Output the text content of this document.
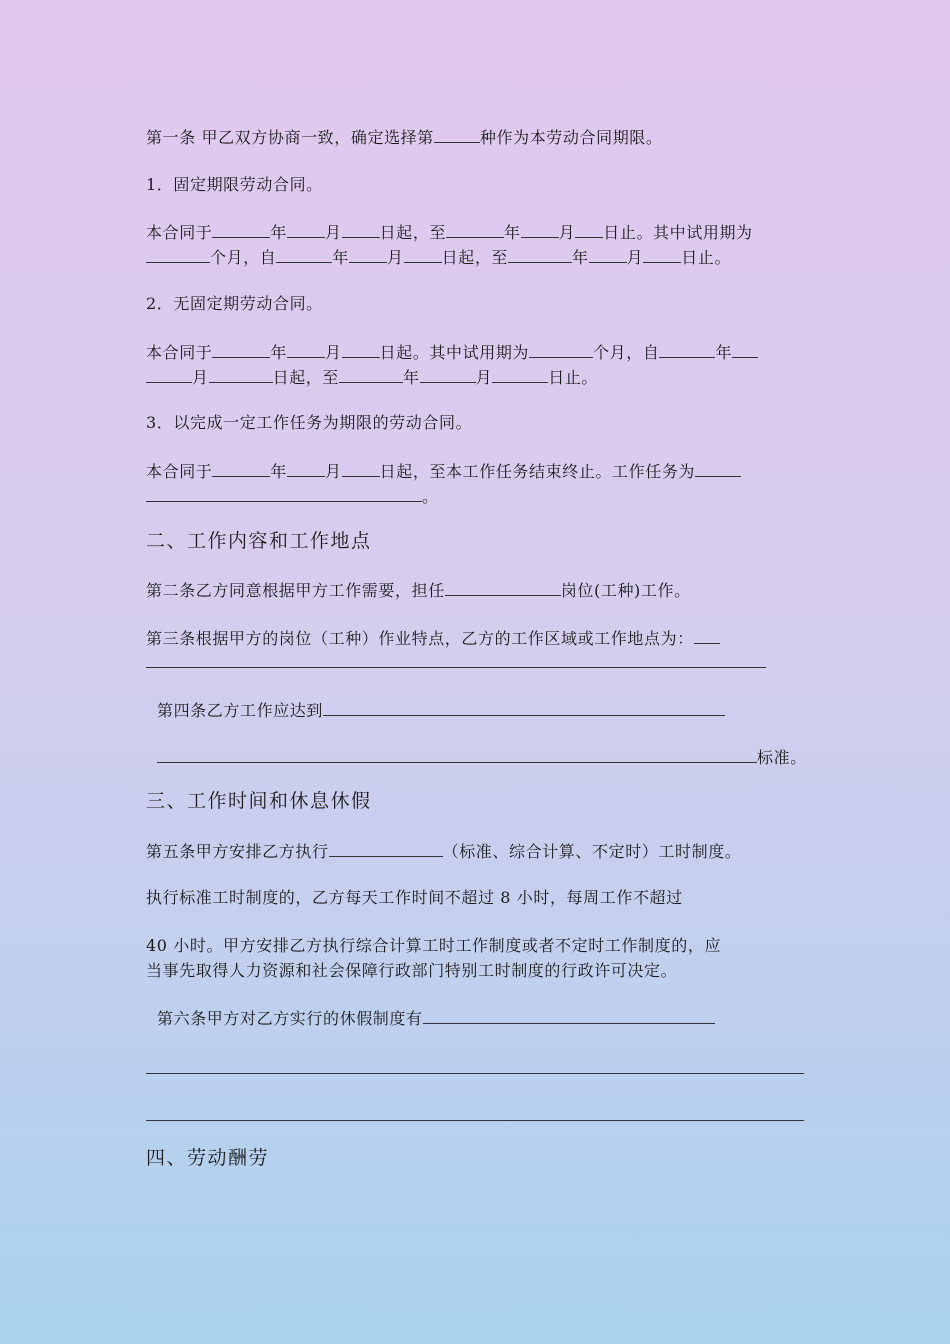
第一条 甲乙双方协商一致，确定选择第	种作为本劳动合同期限。
1．固定期限劳动合同。
本合同于	年 月 日起，至	年 月 日止。其中试用期为
个月，自	年 月 日起，至	年 月 日止。
2．无固定期劳动合同。
本合同于	年 月 日起。其中试用期为	个月，自	年
月	日起，至	年	月	日止。
3．以完成一定工作任务为期限的劳动合同。
本合同于	年 月 日起，至本工作任务结束终止。工作任务为
。
二、工作内容和工作地点
第二条乙方同意根据甲方工作需要，担任	岗位(工种)工作。
第三条根据甲方的岗位（工种）作业特点，乙方的工作区域或工作地点为：
第四条乙方工作应达到
标准。
三、工作时间和休息休假
第五条甲方安排乙方执行	（标准、综合计算、不定时）工时制度。
执行标准工时制度的，乙方每天工作时间不超过 8 小时，每周工作不超过
40 小时。甲方安排乙方执行综合计算工时工作制度或者不定时工作制度的，应
当事先取得人力资源和社会保障行政部门特别工时制度的行政许可决定。
第六条甲方对乙方实行的休假制度有
四、劳动酬劳
